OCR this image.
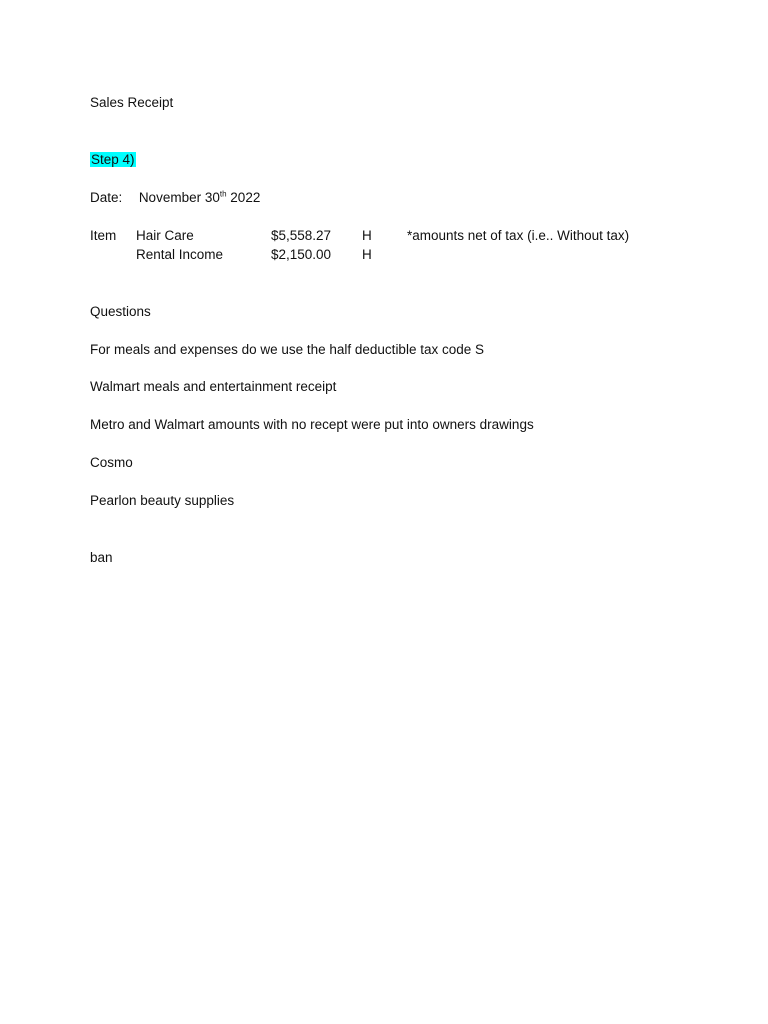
Sales Receipt
Step 4)
Date: November 30th 2022
Item Hair Care	$5,558.27 H	*amounts net of tax (i.e.. Without tax)
Rental Income	$2,150.00 H
Questions
For meals and expenses do we use the half deductible tax code S
Walmart meals and entertainment receipt
Metro and Walmart amounts with no recept were put into owners drawings
Cosmo
Pearlon beauty supplies
ban
